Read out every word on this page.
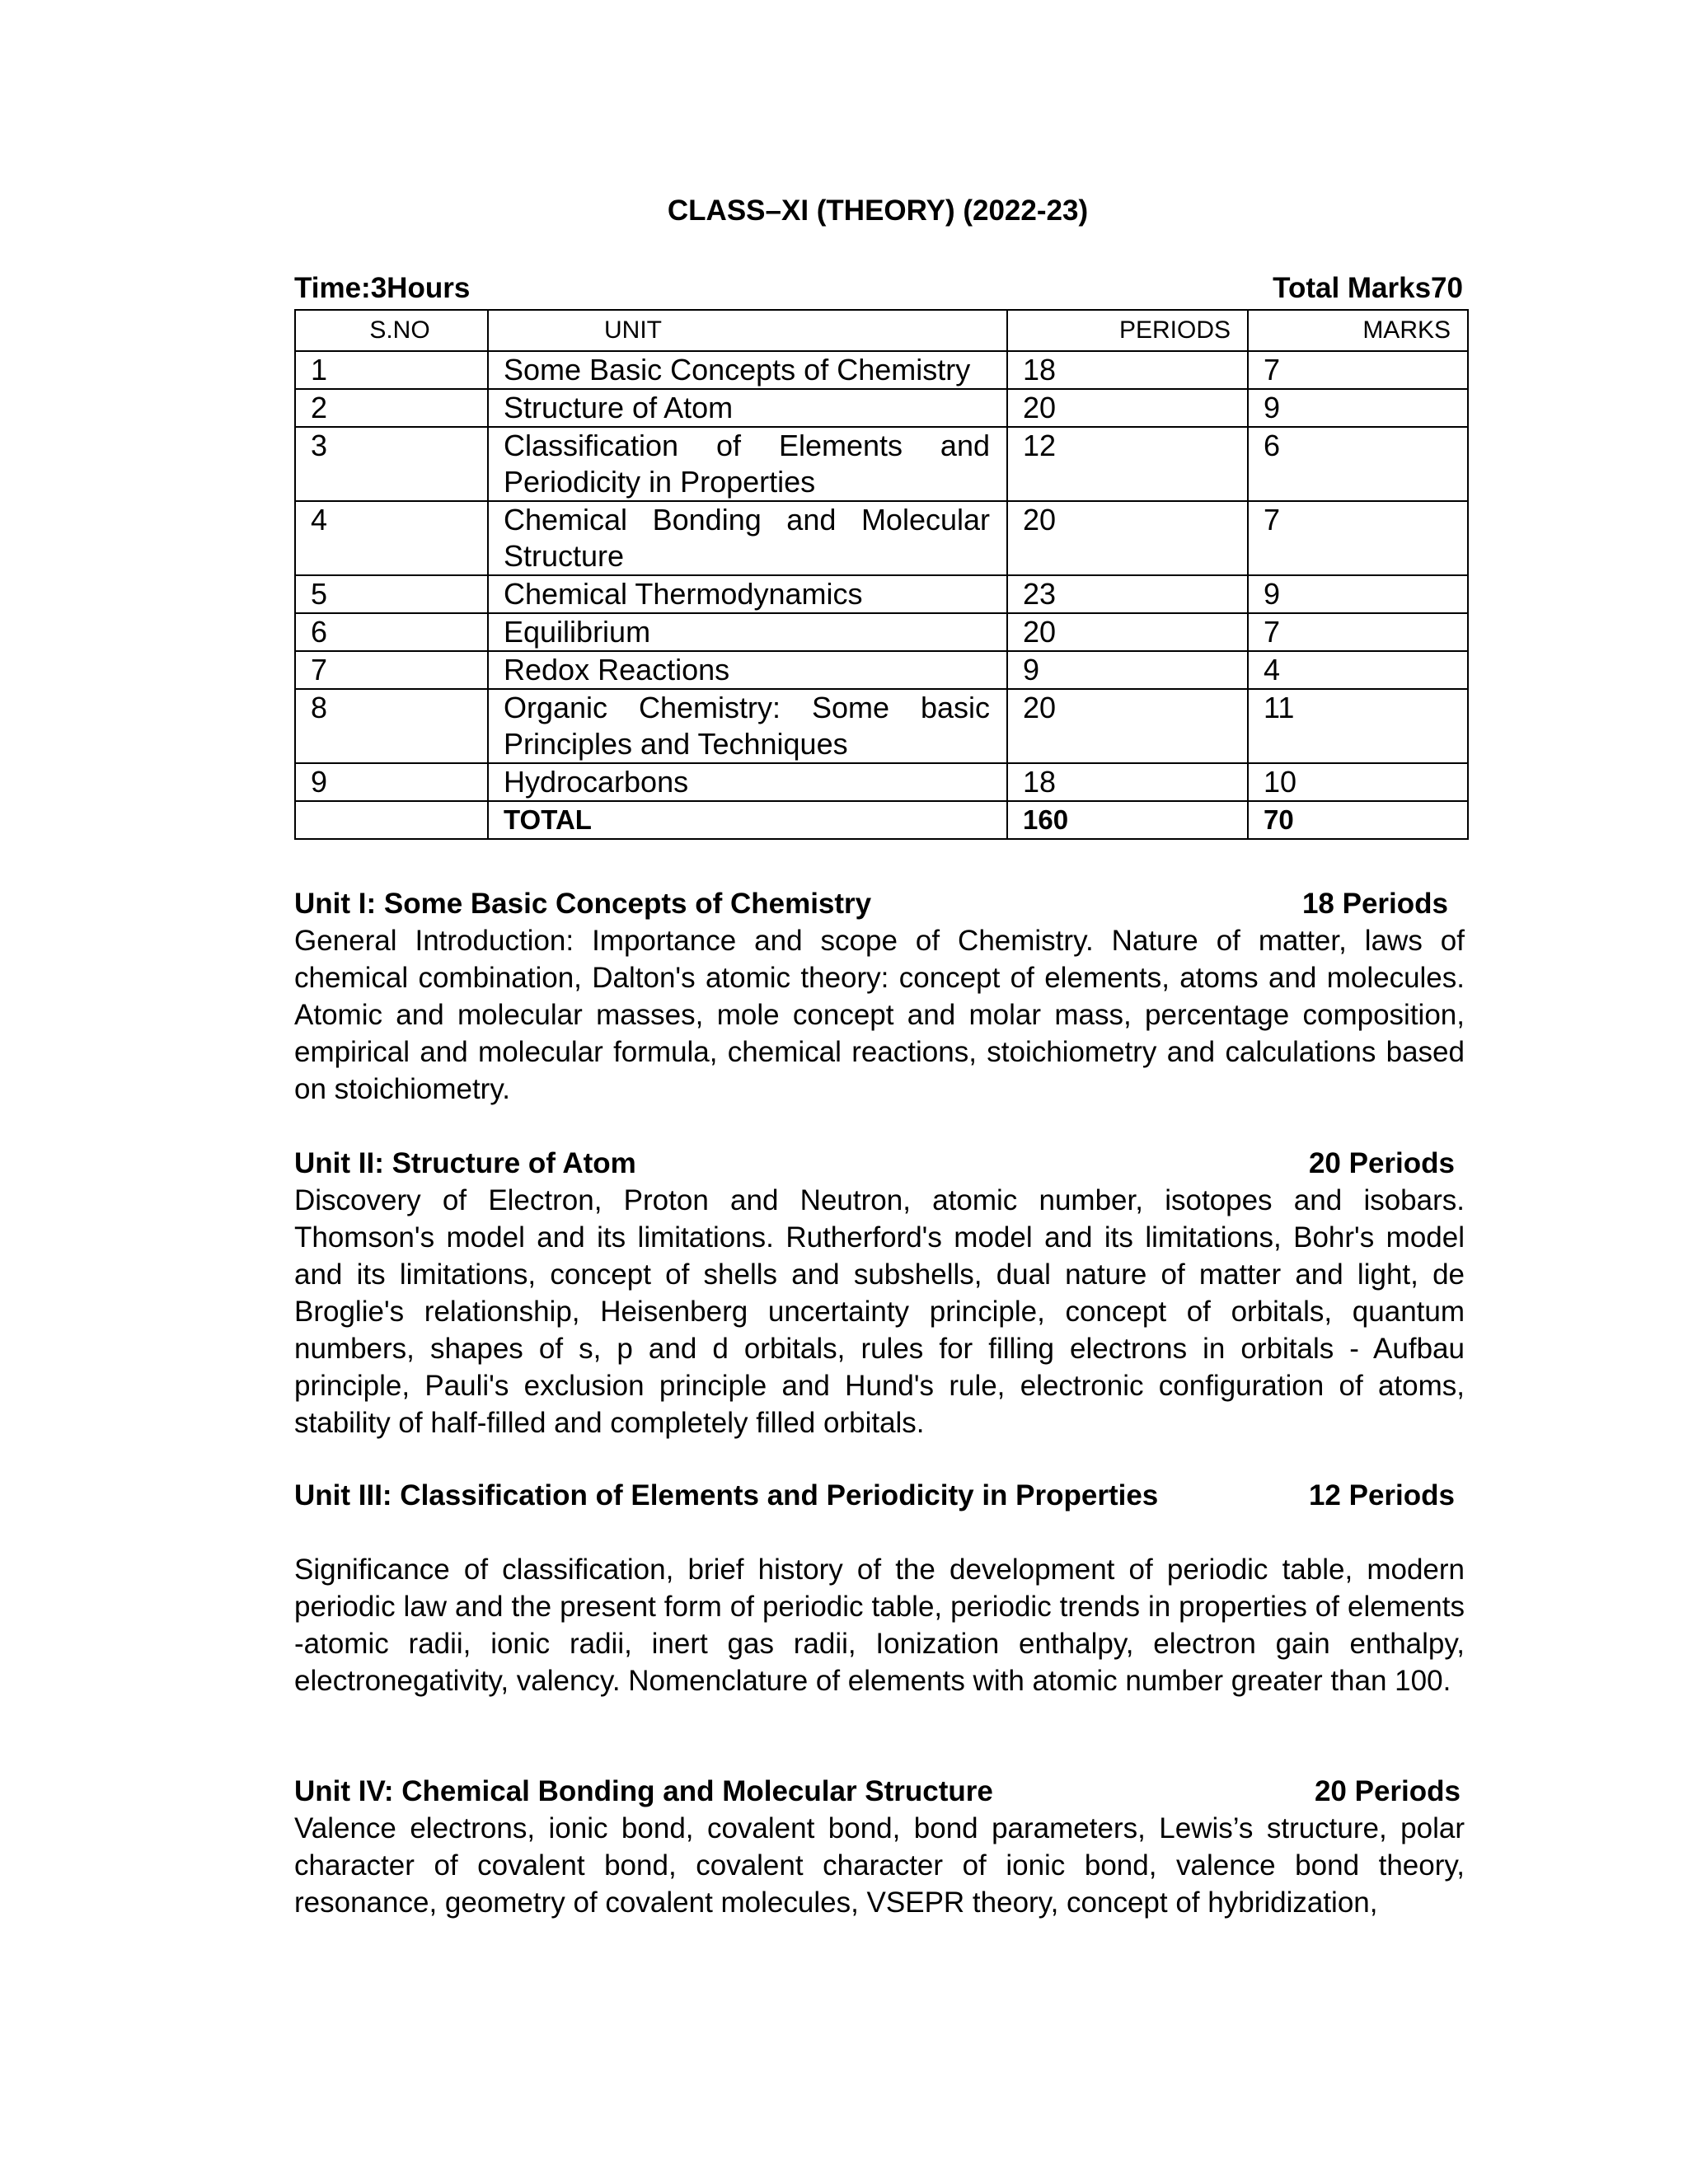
CLASS–XI (THEORY) (2022-23)
Time:3Hours	Total Marks70
S.NO	UNIT	PERIODS	MARKS
1	Some Basic Concepts of Chemistry	18	7
2	Structure of Atom	20	9
3	Classification of Elements and Periodicity in Properties	12	6
4	Chemical Bonding and Molecular Structure	20	7
5	Chemical Thermodynamics	23	9
6	Equilibrium	20	7
7	Redox Reactions	9	4
8	Organic Chemistry: Some basic Principles and Techniques	20	11
9	Hydrocarbons	18	10
	TOTAL	160	70
Unit I: Some Basic Concepts of Chemistry	18 Periods
General Introduction: Importance and scope of Chemistry. Nature of matter, laws of chemical combination, Dalton's atomic theory: concept of elements, atoms and molecules. Atomic and molecular masses, mole concept and molar mass, percentage composition, empirical and molecular formula, chemical reactions, stoichiometry and calculations based on stoichiometry.
Unit II: Structure of Atom	20 Periods
Discovery of Electron, Proton and Neutron, atomic number, isotopes and isobars. Thomson's model and its limitations. Rutherford's model and its limitations, Bohr's model and its limitations, concept of shells and subshells, dual nature of matter and light, de Broglie's relationship, Heisenberg uncertainty principle, concept of orbitals, quantum numbers, shapes of s, p and d orbitals, rules for filling electrons in orbitals - Aufbau principle, Pauli's exclusion principle and Hund's rule, electronic configuration of atoms, stability of half-filled and completely filled orbitals.
Unit III: Classification of Elements and Periodicity in Properties	12 Periods
Significance of classification, brief history of the development of periodic table, modern periodic law and the present form of periodic table, periodic trends in properties of elements -atomic radii, ionic radii, inert gas radii, Ionization enthalpy, electron gain enthalpy, electronegativity, valency. Nomenclature of elements with atomic number greater than 100.
Unit IV: Chemical Bonding and Molecular Structure	20 Periods
Valence electrons, ionic bond, covalent bond, bond parameters, Lewis’s structure, polar character of covalent bond, covalent character of ionic bond, valence bond theory, resonance, geometry of covalent molecules, VSEPR theory, concept of hybridization,
